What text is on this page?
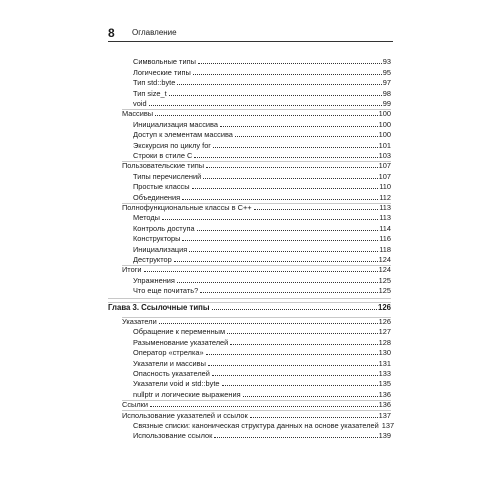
8 Оглавление
Символьные типы	93
Логические типы	95
Тип std::byte	97
Тип size_t	98
void	99
Массивы	100
Инициализация массива	100
Доступ к элементам массива	100
Экскурсия по циклу for	101
Строки в стиле C	103
Пользовательские типы	107
Типы перечислений	107
Простые классы	110
Объединения	112
Полнофункциональные классы в C++	113
Методы	113
Контроль доступа	114
Конструкторы	116
Инициализация	118
Деструктор	124
Итоги	124
Упражнения	125
Что еще почитать?	125
Глава 3. Ссылочные типы	126
Указатели	126
Обращение к переменным	127
Разыменование указателей	128
Оператор «стрелка»	130
Указатели и массивы	131
Опасность указателей	133
Указатели void и std::byte	135
nullptr и логические выражения	136
Ссылки	136
Использование указателей и ссылок	137
Связные списки: каноническая структура данных на основе указателей 137
Использование ссылок	139
